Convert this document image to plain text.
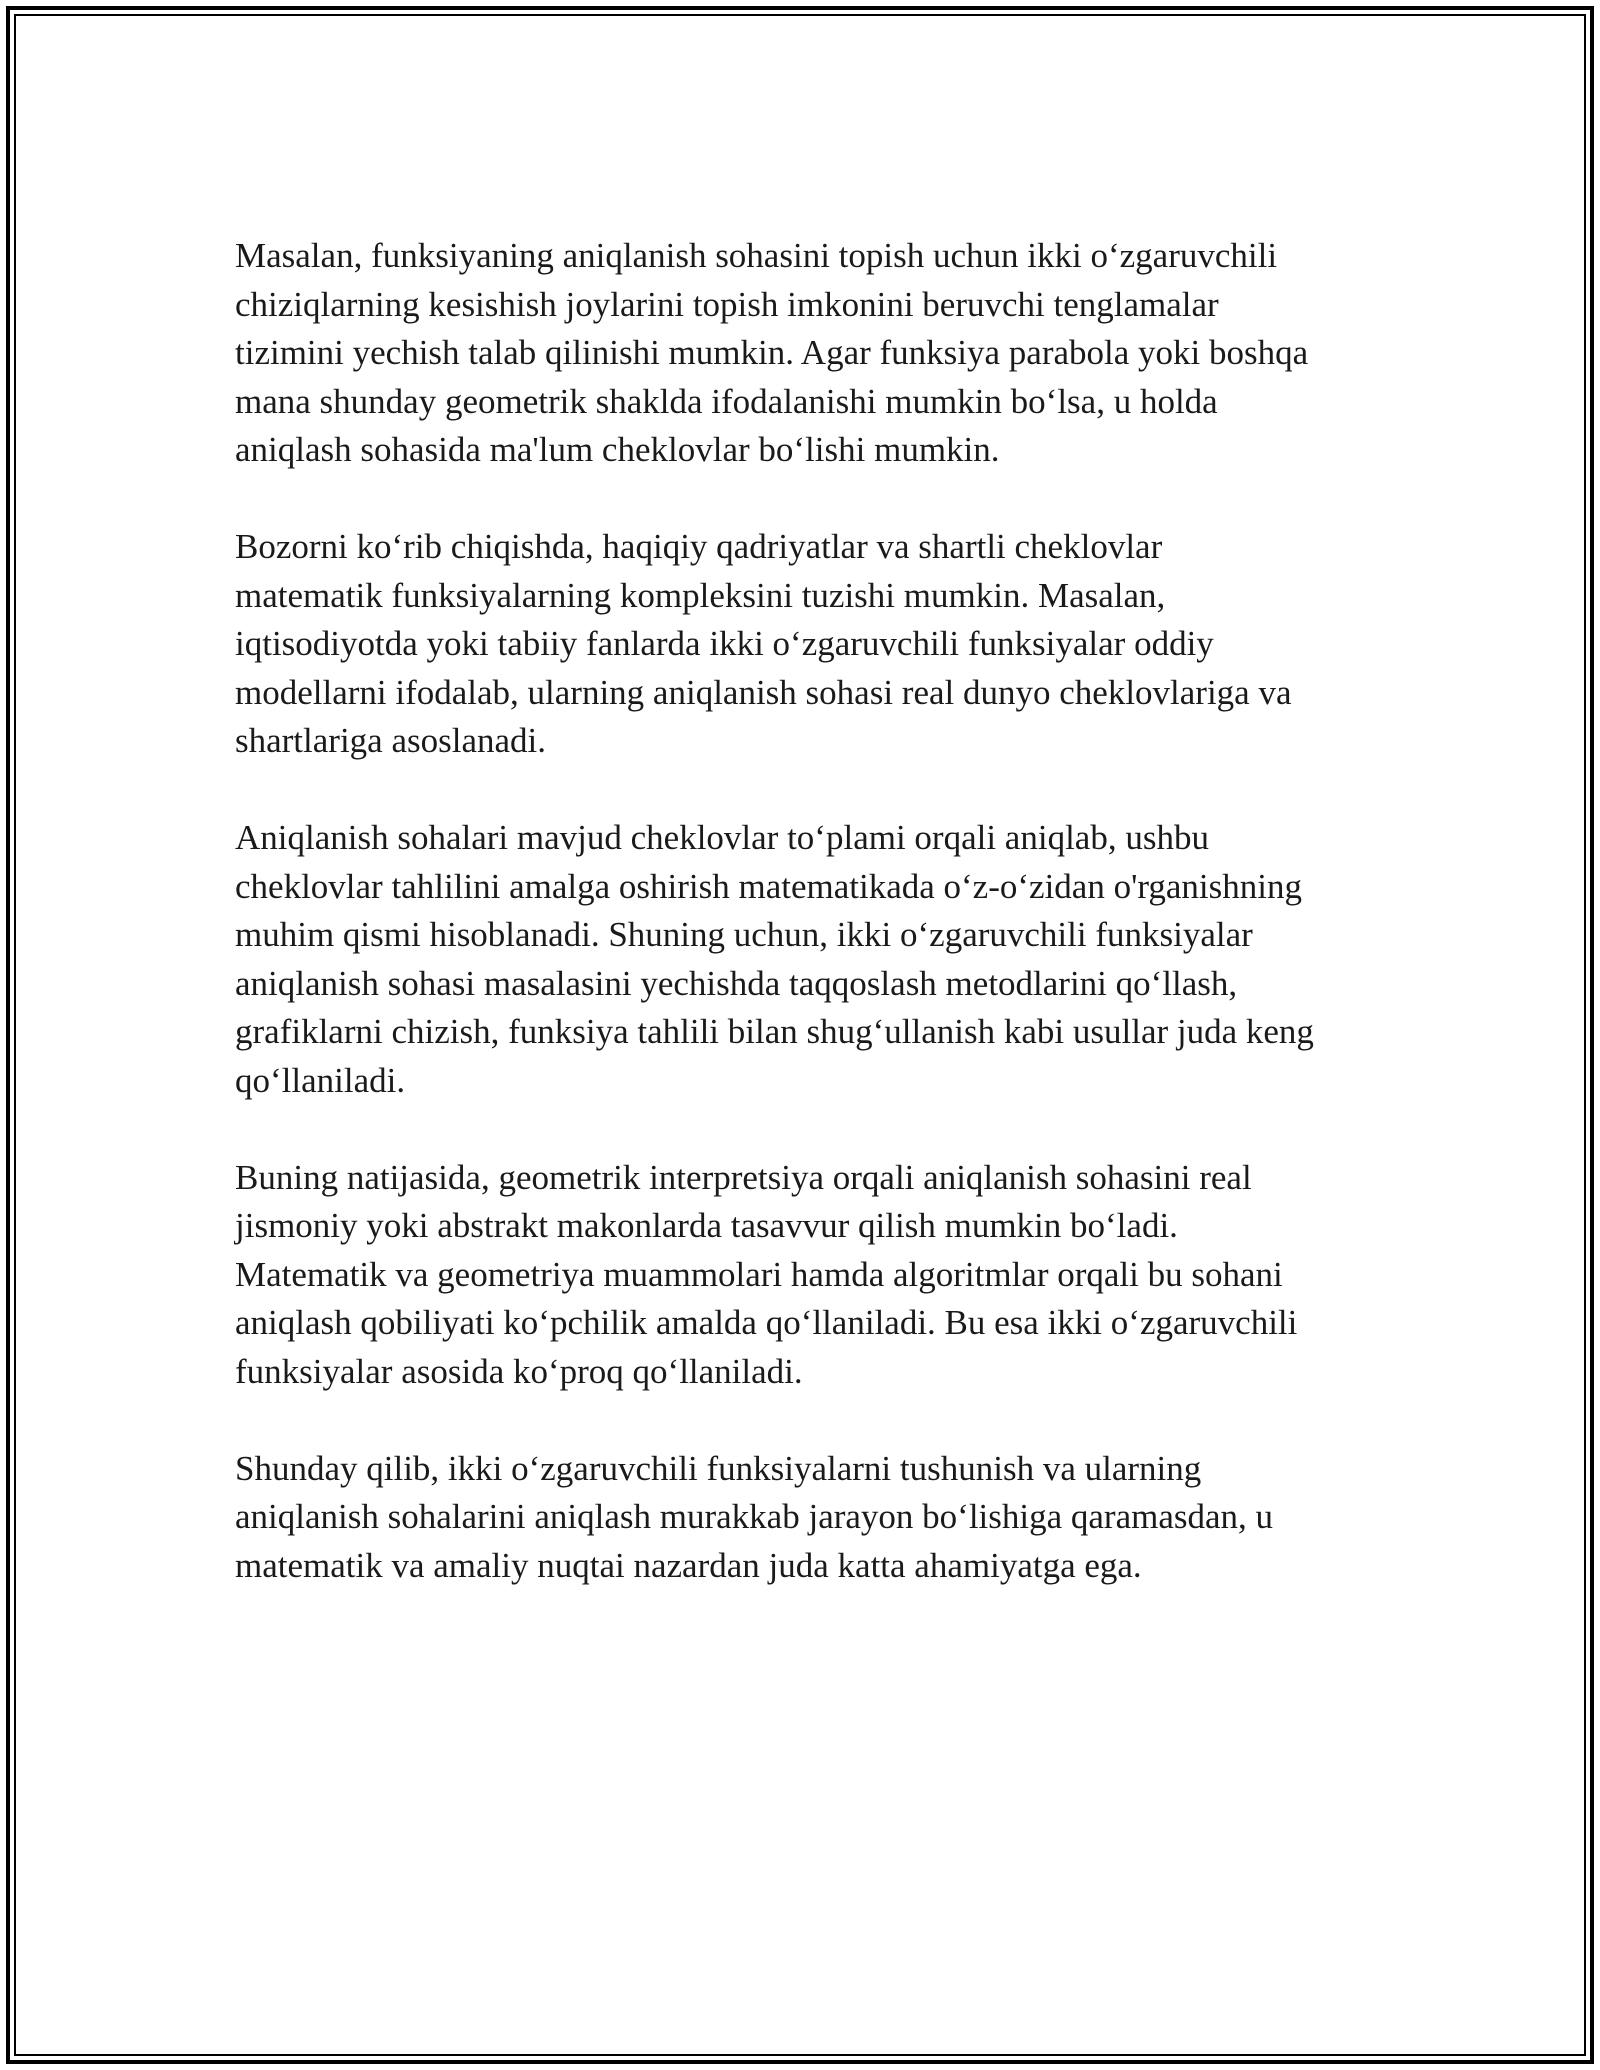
Masalan, funksiyaning aniqlanish sohasini topish uchun ikki o‘zgaruvchili
chiziqlarning kesishish joylarini topish imkonini beruvchi tenglamalar
tizimini yechish talab qilinishi mumkin. Agar funksiya parabola yoki boshqa
mana shunday geometrik shaklda ifodalanishi mumkin bo‘lsa, u holda
aniqlash sohasida ma'lum cheklovlar bo‘lishi mumkin.

Bozorni ko‘rib chiqishda, haqiqiy qadriyatlar va shartli cheklovlar
matematik funksiyalarning kompleksini tuzishi mumkin. Masalan,
iqtisodiyotda yoki tabiiy fanlarda ikki o‘zgaruvchili funksiyalar oddiy
modellarni ifodalab, ularning aniqlanish sohasi real dunyo cheklovlariga va
shartlariga asoslanadi.

Aniqlanish sohalari mavjud cheklovlar to‘plami orqali aniqlab, ushbu
cheklovlar tahlilini amalga oshirish matematikada o‘z-o‘zidan o'rganishning
muhim qismi hisoblanadi. Shuning uchun, ikki o‘zgaruvchili funksiyalar
aniqlanish sohasi masalasini yechishda taqqoslash metodlarini qo‘llash,
grafiklarni chizish, funksiya tahlili bilan shug‘ullanish kabi usullar juda keng
qo‘llaniladi.

Buning natijasida, geometrik interpretsiya orqali aniqlanish sohasini real
jismoniy yoki abstrakt makonlarda tasavvur qilish mumkin bo‘ladi.
Matematik va geometriya muammolari hamda algoritmlar orqali bu sohani
aniqlash qobiliyati ko‘pchilik amalda qo‘llaniladi. Bu esa ikki o‘zgaruvchili
funksiyalar asosida ko‘proq qo‘llaniladi.

Shunday qilib, ikki o‘zgaruvchili funksiyalarni tushunish va ularning
aniqlanish sohalarini aniqlash murakkab jarayon bo‘lishiga qaramasdan, u
matematik va amaliy nuqtai nazardan juda katta ahamiyatga ega.
